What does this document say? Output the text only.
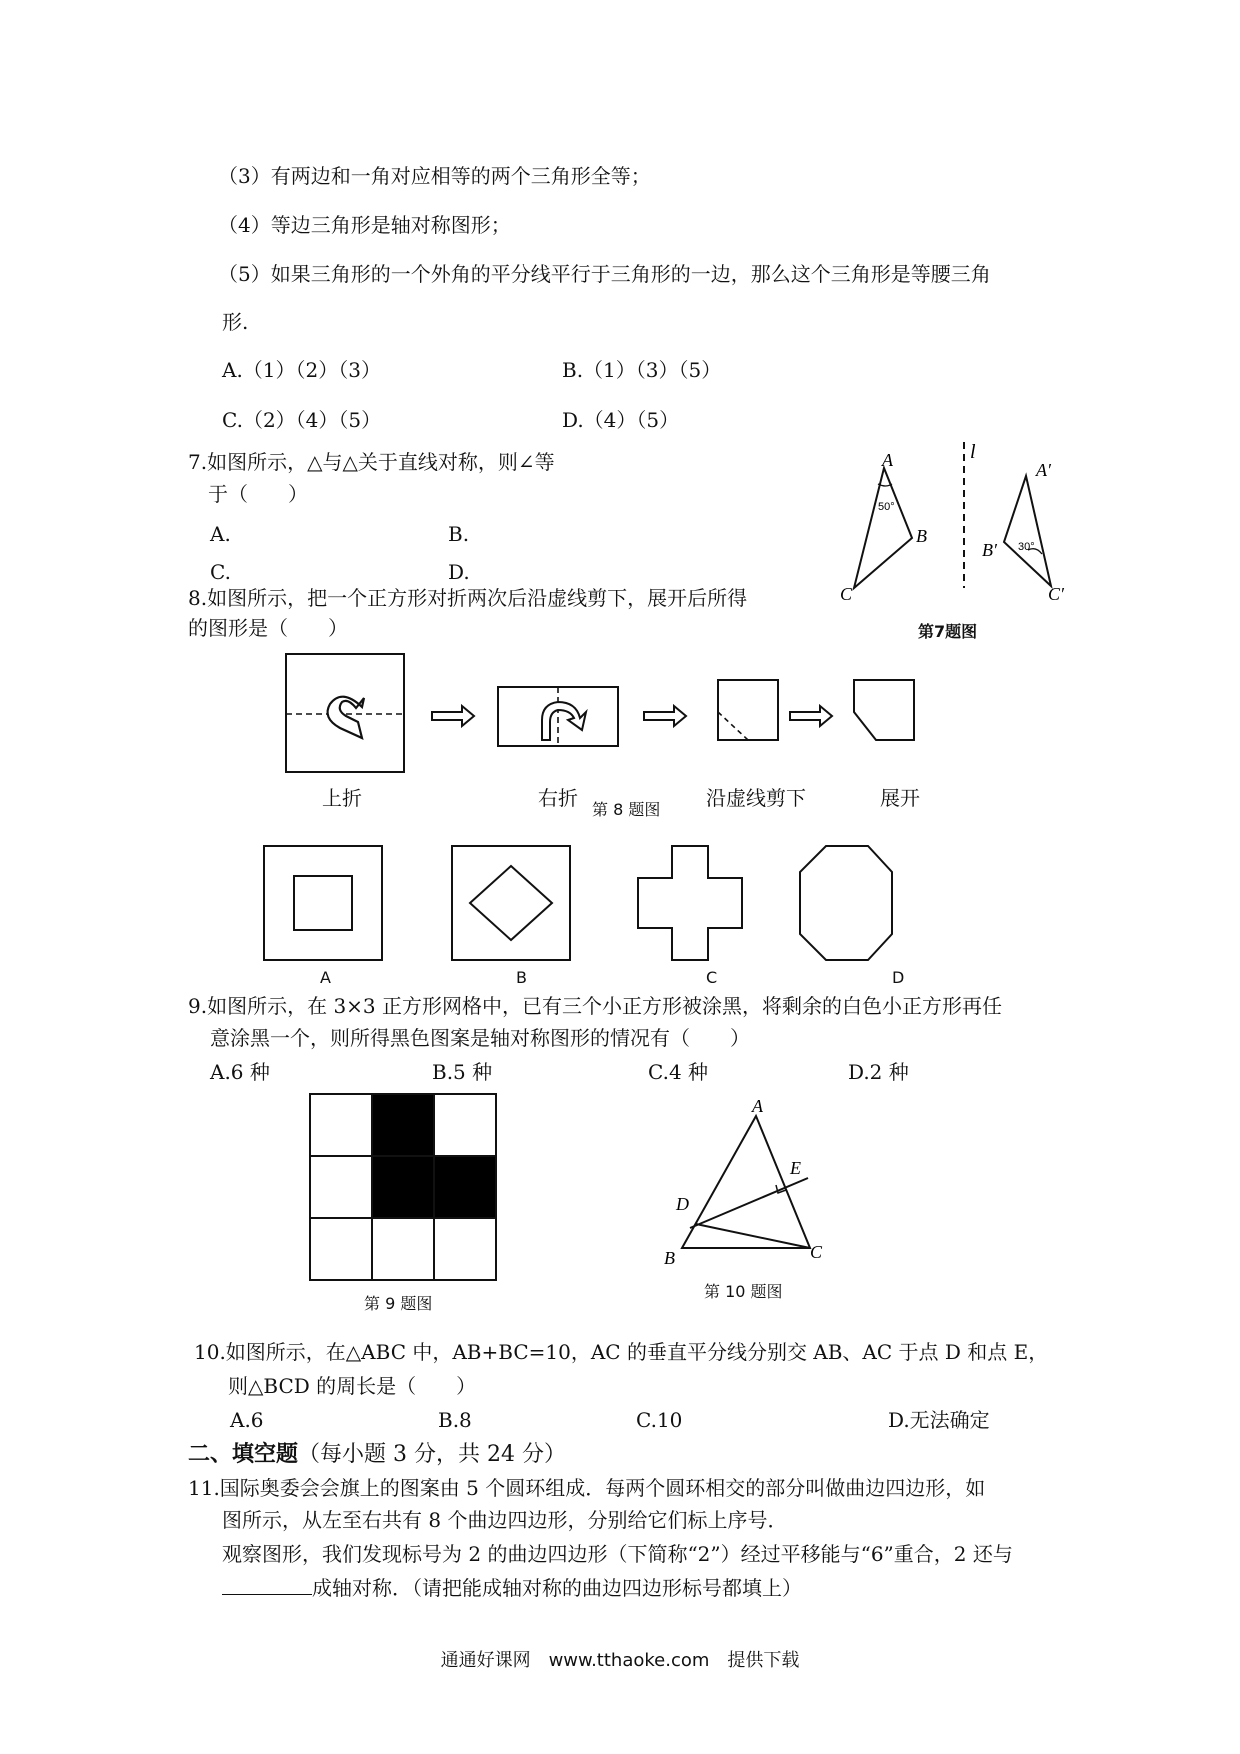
（3）有两边和一角对应相等的两个三角形全等；
（4）等边三角形是轴对称图形；
（5）如果三角形的一个外角的平分线平行于三角形的一边，那么这个三角形是等腰三角
形.
A.（1）（2）（3）	B.（1）（3）（5）
C.（2）（4）（5）	D.（4）（5）
7.如图所示，△与△关于直线对称，则∠等
于（　　）
A.	B.
C.	D.
A
B
C
A′
B′
C′
l
50°
30°
第7题图
8.如图所示，把一个正方形对折两次后沿虚线剪下，展开后所得
的图形是（　　）
上折	右折 第 8 题图 沿虚线剪下	展开
A	B	C	D
9.如图所示，在 3×3 正方形网格中，已有三个小正方形被涂黑，将剩余的白色小正方形再任
意涂黑一个，则所得黑色图案是轴对称图形的情况有（　　）
A.6 种	B.5 种	C.4 种	D.2 种
第 9 题图
A
B	C
D
E
第 10 题图
10.如图所示，在△ABC 中，AB+BC=10，AC 的垂直平分线分别交 AB、AC 于点 D 和点 E，
则△BCD 的周长是（　　）
A.6	B.8	C.10	D.无法确定
二、填空题（每小题 3 分，共 24 分）
11.国际奥委会会旗上的图案由 5 个圆环组成．每两个圆环相交的部分叫做曲边四边形，如
图所示，从左至右共有 8 个曲边四边形，分别给它们标上序号．
观察图形，我们发现标号为 2 的曲边四边形（下简称“2”）经过平移能与“6”重合，2 还与
成轴对称．（请把能成轴对称的曲边四边形标号都填上）
通通好课网　www.tthaoke.com　提供下载
